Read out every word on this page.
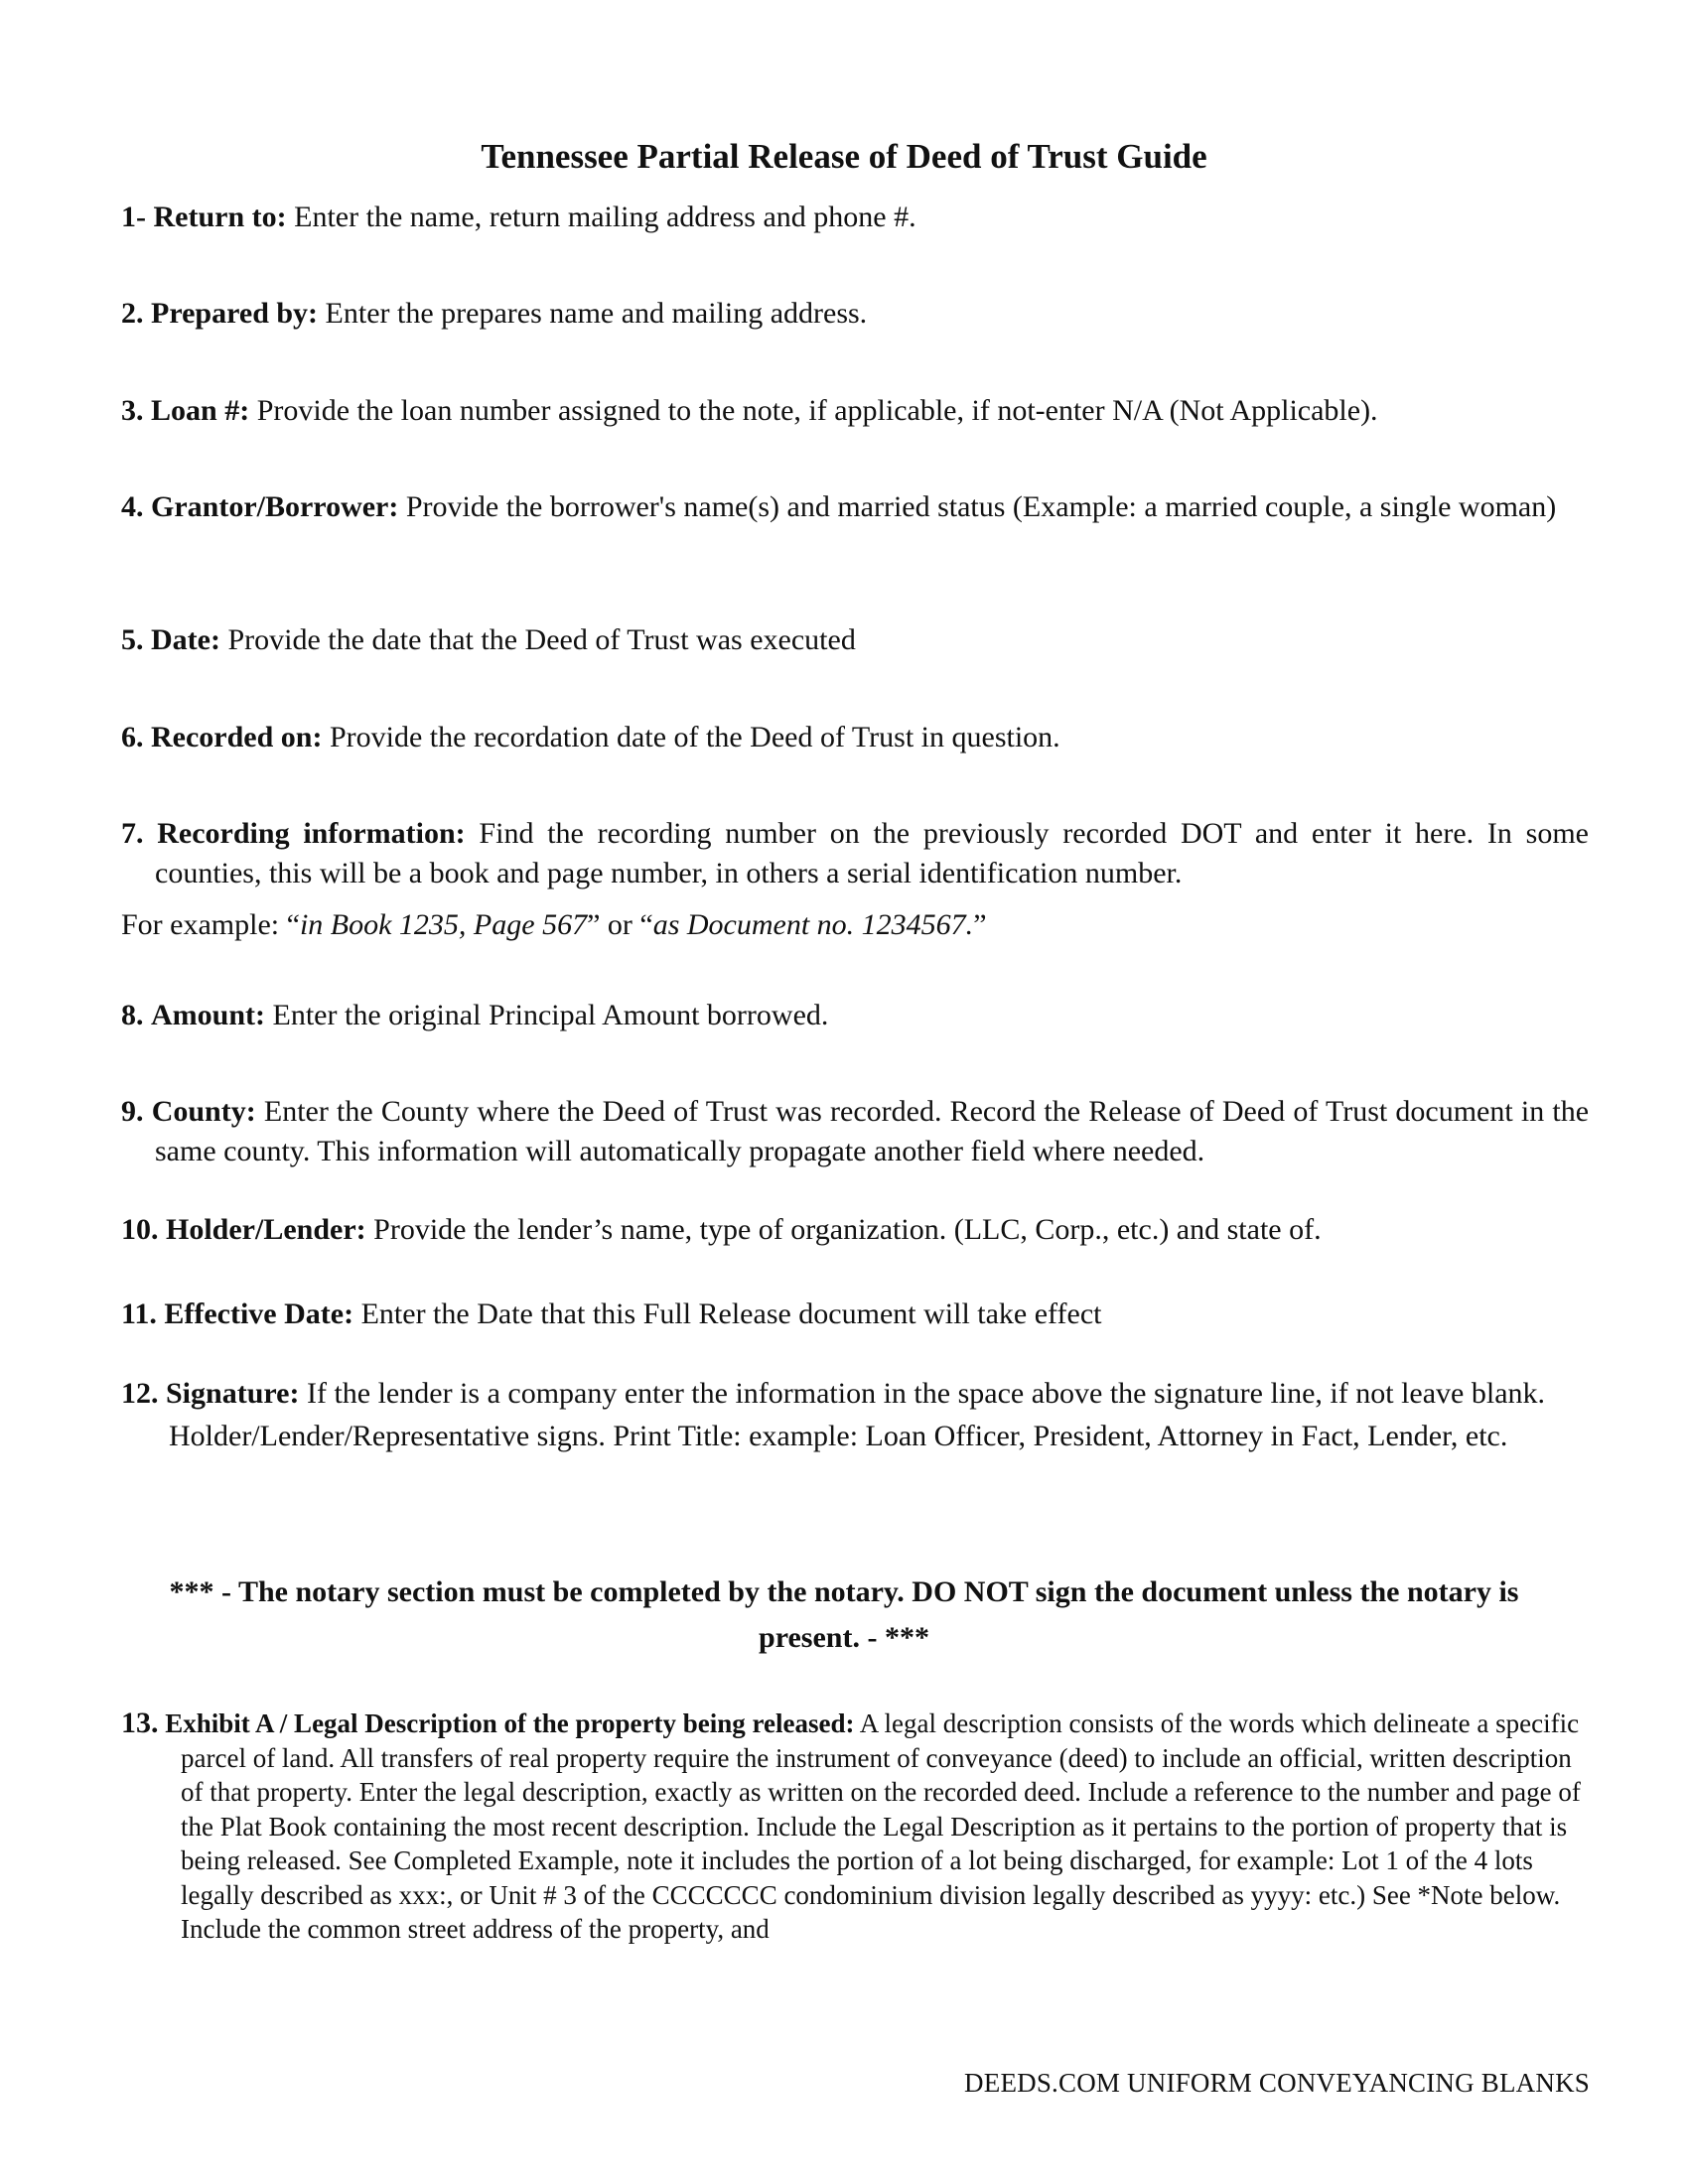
Tennessee Partial Release of Deed of Trust Guide

1- Return to: Enter the name, return mailing address and phone #.

2. Prepared by: Enter the prepares name and mailing address.

3. Loan #: Provide the loan number assigned to the note, if applicable, if not-enter N/A (Not Applicable).

4. Grantor/Borrower: Provide the borrower's name(s) and married status (Example: a married couple, a single woman)

5. Date: Provide the date that the Deed of Trust was executed

6. Recorded on: Provide the recordation date of the Deed of Trust in question.

7. Recording information: Find the recording number on the previously recorded DOT and enter it here. In some counties, this will be a book and page number, in others a serial identification number.

For example: “in Book 1235, Page 567” or “as Document no. 1234567.”

8. Amount: Enter the original Principal Amount borrowed.

9. County: Enter the County where the Deed of Trust was recorded. Record the Release of Deed of Trust document in the same county. This information will automatically propagate another field where needed.

10. Holder/Lender: Provide the lender’s name, type of organization. (LLC, Corp., etc.) and state of.

11. Effective Date: Enter the Date that this Full Release document will take effect

12. Signature: If the lender is a company enter the information in the space above the signature line, if not leave blank. Holder/Lender/Representative signs. Print Title: example: Loan Officer, President, Attorney in Fact, Lender, etc.

*** - The notary section must be completed by the notary. DO NOT sign the document unless the notary is present. - ***

13. Exhibit A / Legal Description of the property being released: A legal description consists of the words which delineate a specific parcel of land. All transfers of real property require the instrument of conveyance (deed) to include an official, written description of that property. Enter the legal description, exactly as written on the recorded deed. Include a reference to the number and page of the Plat Book containing the most recent description. Include the Legal Description as it pertains to the portion of property that is being released. See Completed Example, note it includes the portion of a lot being discharged, for example: Lot 1 of the 4 lots legally described as xxx:, or Unit # 3 of the CCCCCCC condominium division legally described as yyyy: etc.) See *Note below. Include the common street address of the property, and

DEEDS.COM UNIFORM CONVEYANCING BLANKS
